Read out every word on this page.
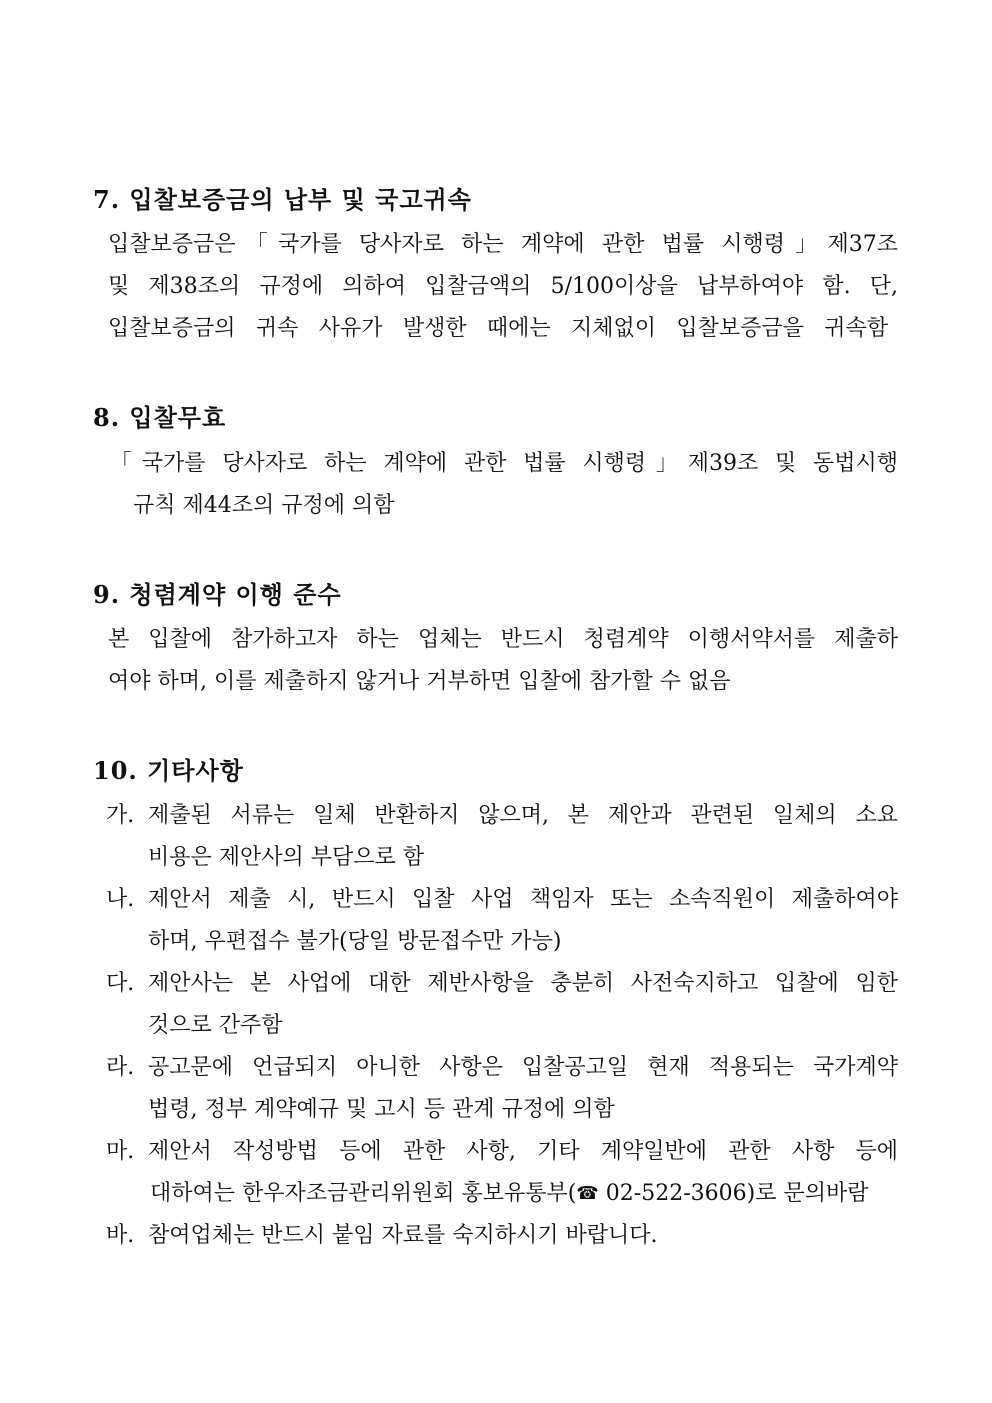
7. 입찰보증금의 납부 및 국고귀속
입찰보증금은「국가를 당사자로 하는 계약에 관한 법률 시행령」제37조
및 제38조의 규정에 의하여 입찰금액의 5/100이상을 납부하여야 함. 단,
입찰보증금의 귀속 사유가 발생한 때에는 지체없이 입찰보증금을 귀속함
8. 입찰무효
「국가를 당사자로 하는 계약에 관한 법률 시행령」제39조 및 동법시행
규칙 제44조의 규정에 의함
9. 청렴계약 이행 준수
본 입찰에 참가하고자 하는 업체는 반드시 청렴계약 이행서약서를 제출하
여야 하며, 이를 제출하지 않거나 거부하면 입찰에 참가할 수 없음
10. 기타사항
가. 제출된 서류는 일체 반환하지 않으며, 본 제안과 관련된 일체의 소요
비용은 제안사의 부담으로 함
나. 제안서 제출 시, 반드시 입찰 사업 책임자 또는 소속직원이 제출하여야
하며, 우편접수 불가(당일 방문접수만 가능)
다. 제안사는 본 사업에 대한 제반사항을 충분히 사전숙지하고 입찰에 임한
것으로 간주함
라. 공고문에 언급되지 아니한 사항은 입찰공고일 현재 적용되는 국가계약
법령, 정부 계약예규 및 고시 등 관계 규정에 의함
마. 제안서 작성방법 등에 관한 사항, 기타 계약일반에 관한 사항 등에
대하여는 한우자조금관리위원회 홍보유통부(☎ 02-522-3606)로 문의바람
바. 참여업체는 반드시 붙임 자료를 숙지하시기 바랍니다.
